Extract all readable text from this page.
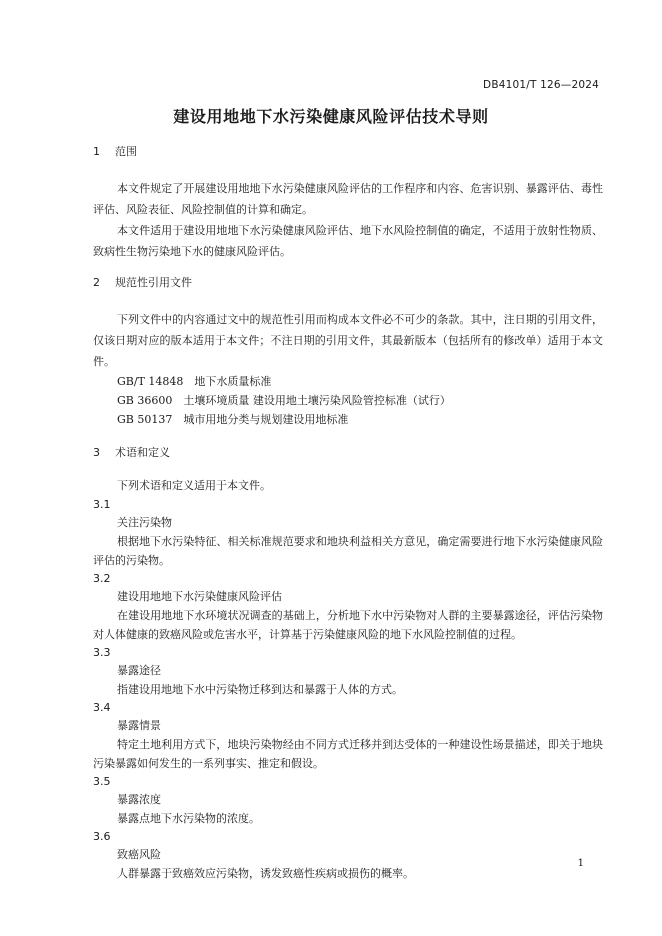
DB4101/T 126—2024
建设用地地下水污染健康风险评估技术导则
1	范围

本文件规定了开展建设用地地下水污染健康风险评估的工作程序和内容、危害识别、暴露评估、毒性评估、风险表征、风险控制值的计算和确定。

本文件适用于建设用地地下水污染健康风险评估、地下水风险控制值的确定，不适用于放射性物质、致病性生物污染地下水的健康风险评估。

2	规范性引用文件

下列文件中的内容通过文中的规范性引用而构成本文件必不可少的条款。其中，注日期的引用文件，仅该日期对应的版本适用于本文件；不注日期的引用文件，其最新版本（包括所有的修改单）适用于本文件。

GB/T 14848　地下水质量标准

GB 36600　土壤环境质量 建设用地土壤污染风险管控标准（试行）

GB 50137　城市用地分类与规划建设用地标准

3	术语和定义

下列术语和定义适用于本文件。

3.1

关注污染物

根据地下水污染特征、相关标准规范要求和地块利益相关方意见，确定需要进行地下水污染健康风险评估的污染物。

3.2

建设用地地下水污染健康风险评估

在建设用地地下水环境状况调查的基础上，分析地下水中污染物对人群的主要暴露途径，评估污染物对人体健康的致癌风险或危害水平，计算基于污染健康风险的地下水风险控制值的过程。

3.3

暴露途径

指建设用地地下水中污染物迁移到达和暴露于人体的方式。

3.4

暴露情景

特定土地利用方式下，地块污染物经由不同方式迁移并到达受体的一种建设性场景描述，即关于地块污染暴露如何发生的一系列事实、推定和假设。

3.5

暴露浓度

暴露点地下水污染物的浓度。

3.6

致癌风险

人群暴露于致癌效应污染物，诱发致癌性疾病或损伤的概率。

1
